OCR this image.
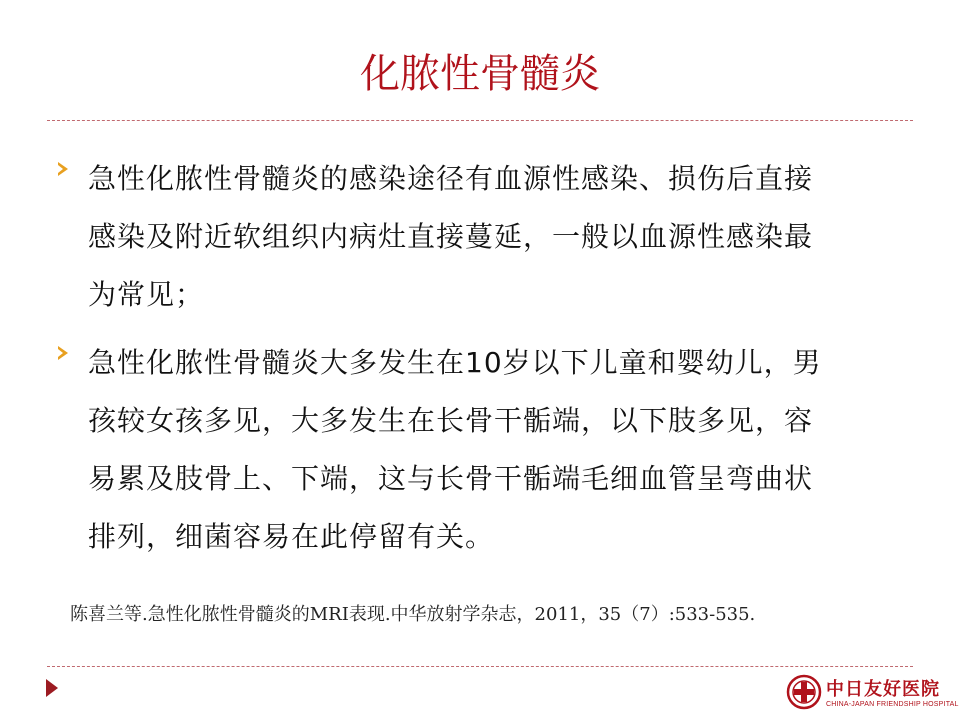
化脓性骨髓炎
急性化脓性骨髓炎的感染途径有血源性感染、损伤后直接
感染及附近软组织内病灶直接蔓延，一般以血源性感染最
为常见；
急性化脓性骨髓炎大多发生在10岁以下儿童和婴幼儿，男
孩较女孩多见，大多发生在长骨干骺端，以下肢多见，容
易累及肢骨上、下端，这与长骨干骺端毛细血管呈弯曲状
排列，细菌容易在此停留有关。
陈喜兰等.急性化脓性骨髓炎的MRI表现.中华放射学杂志，2011，35（7）:533-535.
中日友好医院
CHINA-JAPAN FRIENDSHIP HOSPITAL
